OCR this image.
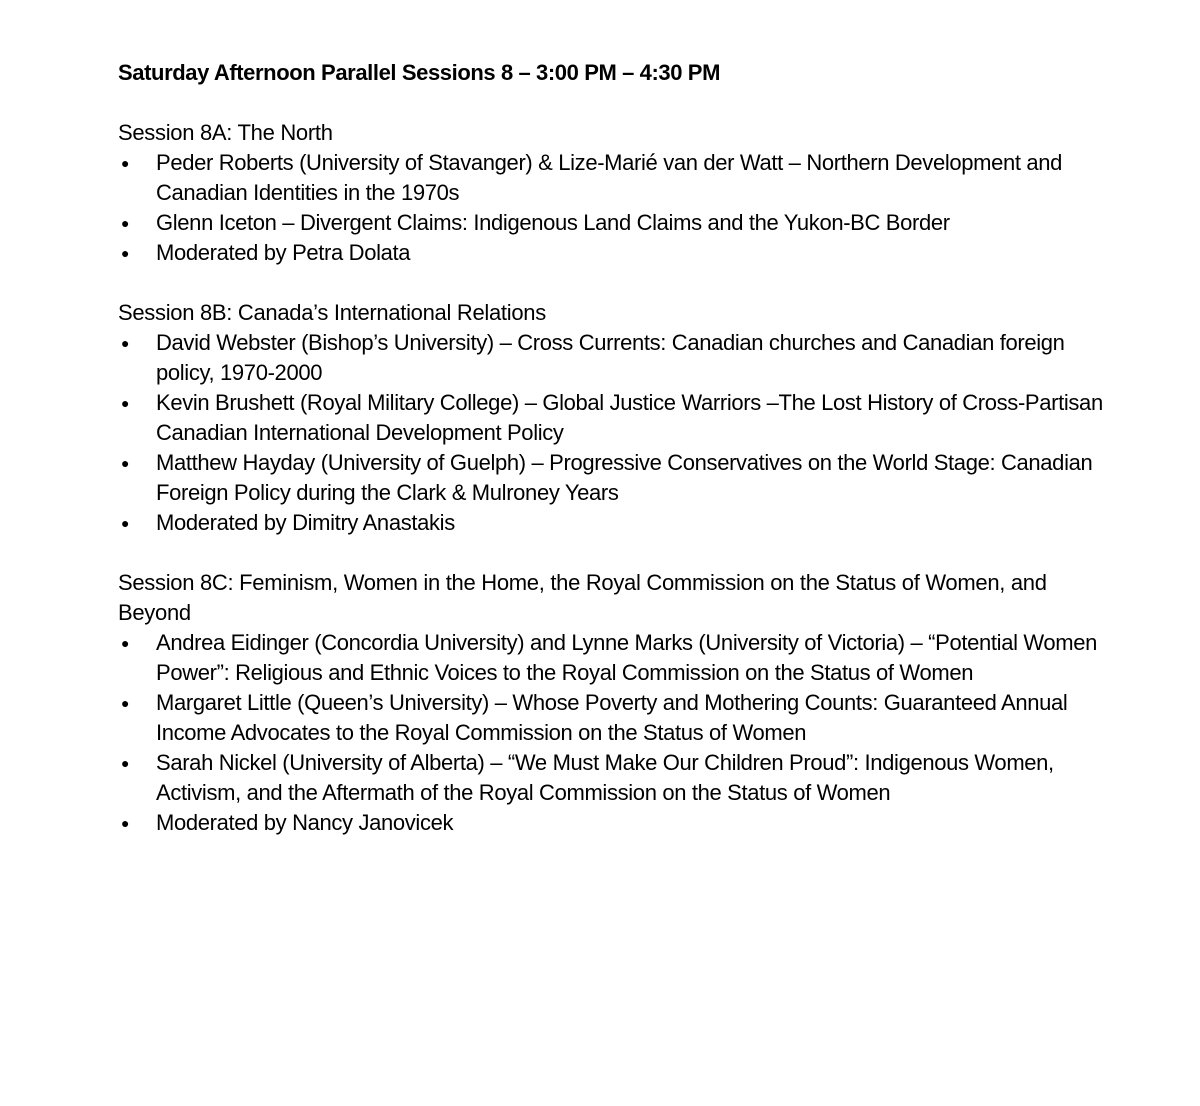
Saturday Afternoon Parallel Sessions 8 – 3:00 PM – 4:30 PM

Session 8A: The North

● Peder Roberts (University of Stavanger) & Lize-Marié van der Watt – Northern Development and Canadian Identities in the 1970s
● Glenn Iceton – Divergent Claims: Indigenous Land Claims and the Yukon-BC Border
● Moderated by Petra Dolata

Session 8B: Canada’s International Relations

● David Webster (Bishop’s University) – Cross Currents: Canadian churches and Canadian foreign policy, 1970-2000
● Kevin Brushett (Royal Military College) – Global Justice Warriors –The Lost History of Cross-Partisan Canadian International Development Policy
● Matthew Hayday (University of Guelph) – Progressive Conservatives on the World Stage: Canadian Foreign Policy during the Clark & Mulroney Years
● Moderated by Dimitry Anastakis

Session 8C: Feminism, Women in the Home, the Royal Commission on the Status of Women, and Beyond

● Andrea Eidinger (Concordia University) and Lynne Marks (University of Victoria) – “Potential Women Power”: Religious and Ethnic Voices to the Royal Commission on the Status of Women
● Margaret Little (Queen’s University) – Whose Poverty and Mothering Counts: Guaranteed Annual Income Advocates to the Royal Commission on the Status of Women
● Sarah Nickel (University of Alberta) – “We Must Make Our Children Proud”: Indigenous Women, Activism, and the Aftermath of the Royal Commission on the Status of Women
● Moderated by Nancy Janovicek
